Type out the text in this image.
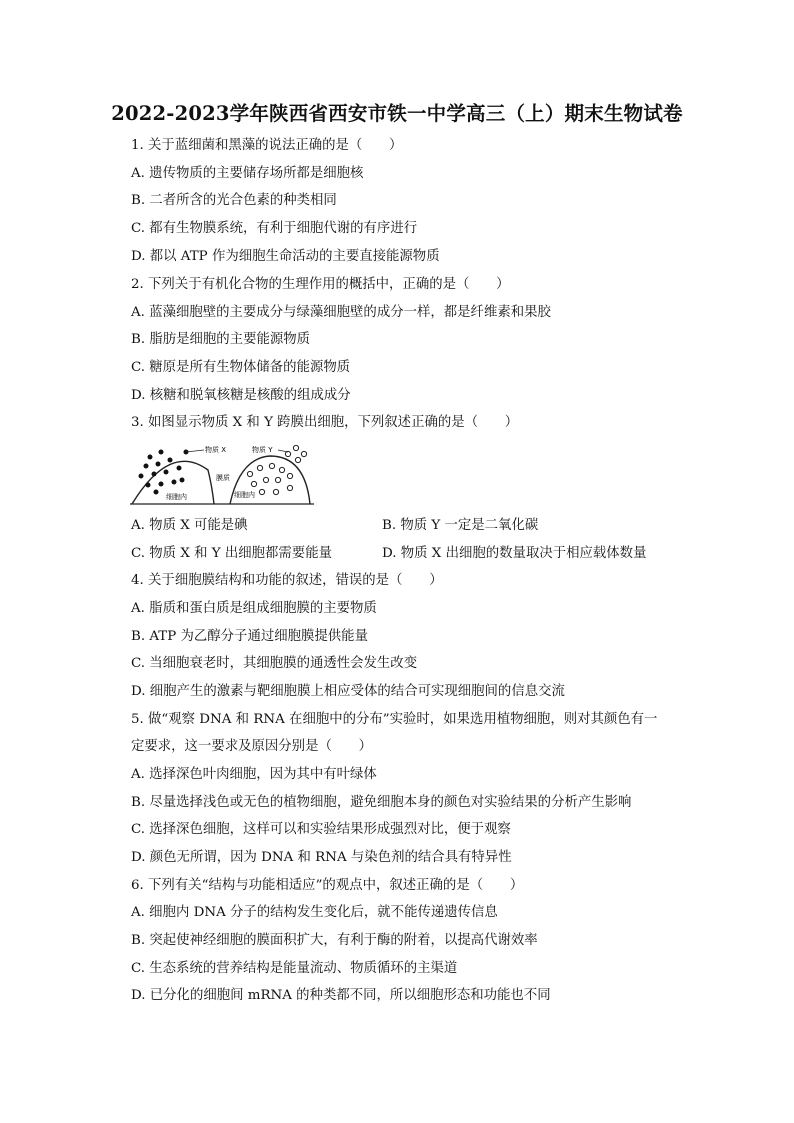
2022-2023学年陕西省西安市铁一中学高三（上）期末生物试卷
1. 关于蓝细菌和黑藻的说法正确的是（　　）
A. 遗传物质的主要储存场所都是细胞核
B. 二者所含的光合色素的种类相同
C. 都有生物膜系统，有利于细胞代谢的有序进行
D. 都以 ATP 作为细胞生命活动的主要直接能源物质
2. 下列关于有机化合物的生理作用的概括中，正确的是（　　）
A. 蓝藻细胞壁的主要成分与绿藻细胞壁的成分一样，都是纤维素和果胶
B. 脂肪是细胞的主要能源物质
C. 糖原是所有生物体储备的能源物质
D. 核糖和脱氧核糖是核酸的组成成分
3. 如图显示物质 X 和 Y 跨膜出细胞，下列叙述正确的是（　　）
物质 X	物质 Y
膜质
细胞内	细胞内
A. 物质 X 可能是碘	B. 物质 Y 一定是二氧化碳
C. 物质 X 和 Y 出细胞都需要能量	D. 物质 X 出细胞的数量取决于相应载体数量
4. 关于细胞膜结构和功能的叙述，错误的是（　　）
A. 脂质和蛋白质是组成细胞膜的主要物质
B. ATP 为乙醇分子通过细胞膜提供能量
C. 当细胞衰老时，其细胞膜的通透性会发生改变
D. 细胞产生的激素与靶细胞膜上相应受体的结合可实现细胞间的信息交流
5. 做“观察 DNA 和 RNA 在细胞中的分布”实验时，如果选用植物细胞，则对其颜色有一
定要求，这一要求及原因分别是（　　）
A. 选择深色叶肉细胞，因为其中有叶绿体
B. 尽量选择浅色或无色的植物细胞，避免细胞本身的颜色对实验结果的分析产生影响
C. 选择深色细胞，这样可以和实验结果形成强烈对比，便于观察
D. 颜色无所谓，因为 DNA 和 RNA 与染色剂的结合具有特异性
6. 下列有关“结构与功能相适应”的观点中，叙述正确的是（　　）
A. 细胞内 DNA 分子的结构发生变化后，就不能传递遗传信息
B. 突起使神经细胞的膜面积扩大，有利于酶的附着，以提高代谢效率
C. 生态系统的营养结构是能量流动、物质循环的主渠道
D. 已分化的细胞间 mRNA 的种类都不同，所以细胞形态和功能也不同
